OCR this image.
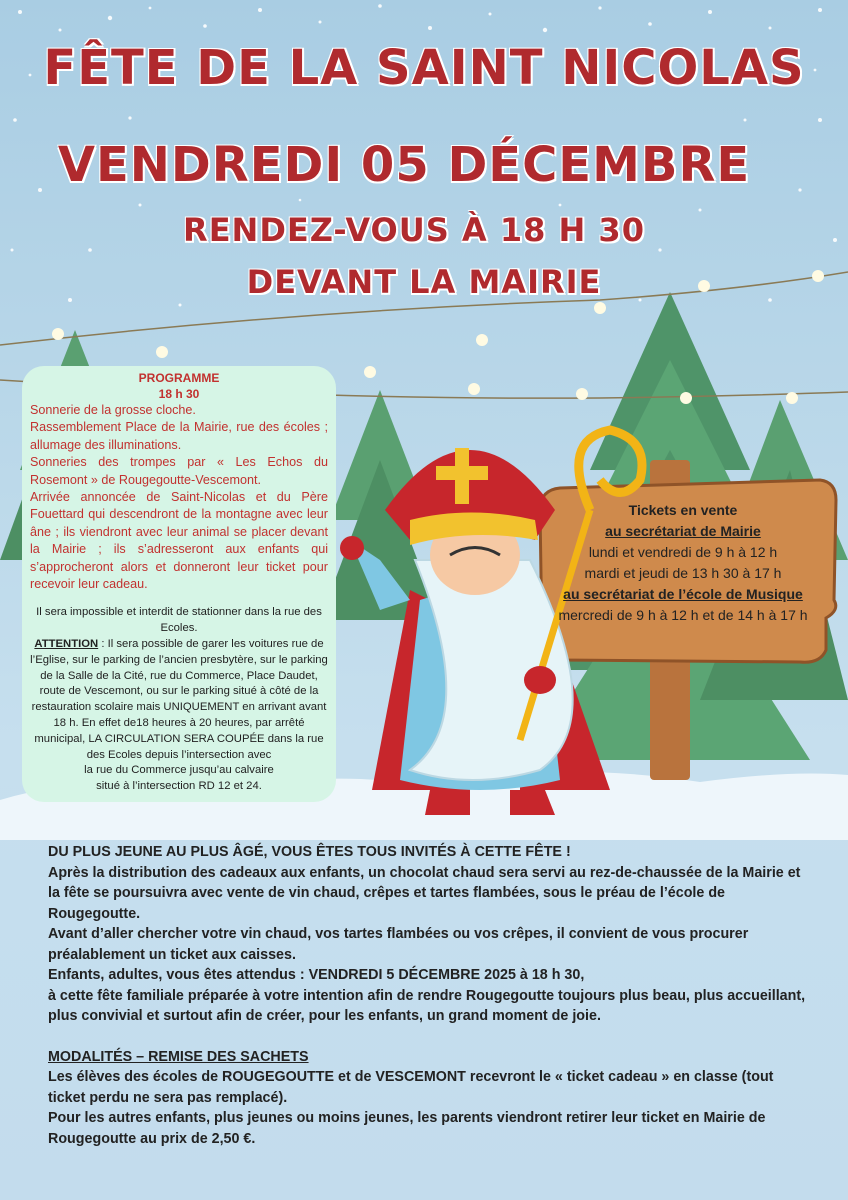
FÊTE DE LA SAINT NICOLAS
VENDREDI 05 DÉCEMBRE
RENDEZ-VOUS À 18 H 30
DEVANT LA MAIRIE
PROGRAMME
18 h 30

Sonnerie de la grosse cloche.

Rassemblement Place de la Mairie, rue des écoles ; allumage des illuminations.

Sonneries des trompes par « Les Echos du Rosemont » de Rougegoutte-Vescemont.

Arrivée annoncée de Saint-Nicolas et du Père Fouettard qui descendront de la montagne avec leur âne ; ils viendront avec leur animal se placer devant la Mairie ; ils s’adresseront aux enfants qui s’approcheront alors et donneront leur ticket pour recevoir leur cadeau.

Il sera impossible et interdit de stationner dans la rue des Ecoles.

ATTENTION : Il sera possible de garer les voitures rue de l’Eglise, sur le parking de l’ancien presbytère, sur le parking de la Salle de la Cité, rue du Commerce, Place Daudet, route de Vescemont, ou sur le parking situé à côté de la restauration scolaire mais UNIQUEMENT en arrivant avant 18 h. En effet de18 heures à 20 heures, par arrêté municipal, LA CIRCULATION SERA COUPÉE dans la rue des Ecoles depuis l’intersection avec

la rue du Commerce jusqu’au calvaire

situé à l’intersection RD 12 et 24.

Tickets en vente

au secrétariat de Mairie

lundi et vendredi de 9 h à 12 h

mardi et jeudi de 13 h 30 à 17 h

au secrétariat de l’école de Musique

mercredi de 9 h à 12 h et de 14 h à 17 h

DU PLUS JEUNE AU PLUS ÂGÉ, VOUS ÊTES TOUS INVITÉS À CETTE FÊTE !

Après la distribution des cadeaux aux enfants, un chocolat chaud sera servi au rez-de-chaussée de la Mairie et la fête se poursuivra avec vente de vin chaud, crêpes et tartes flambées, sous le préau de l’école de Rougegoutte.

Avant d’aller chercher votre vin chaud, vos tartes flambées ou vos crêpes, il convient de vous procurer préalablement un ticket aux caisses.

Enfants, adultes, vous êtes attendus : VENDREDI 5 DÉCEMBRE 2025 à 18 h 30,

à cette fête familiale préparée à votre intention afin de rendre Rougegoutte toujours plus beau, plus accueillant, plus convivial et surtout afin de créer, pour les enfants, un grand moment de joie.

MODALITÉS – REMISE DES SACHETS

Les élèves des écoles de ROUGEGOUTTE et de VESCEMONT recevront le « ticket cadeau » en classe (tout ticket perdu ne sera pas remplacé).

Pour les autres enfants, plus jeunes ou moins jeunes, les parents viendront retirer leur ticket en Mairie de Rougegoutte au prix de 2,50 €.
